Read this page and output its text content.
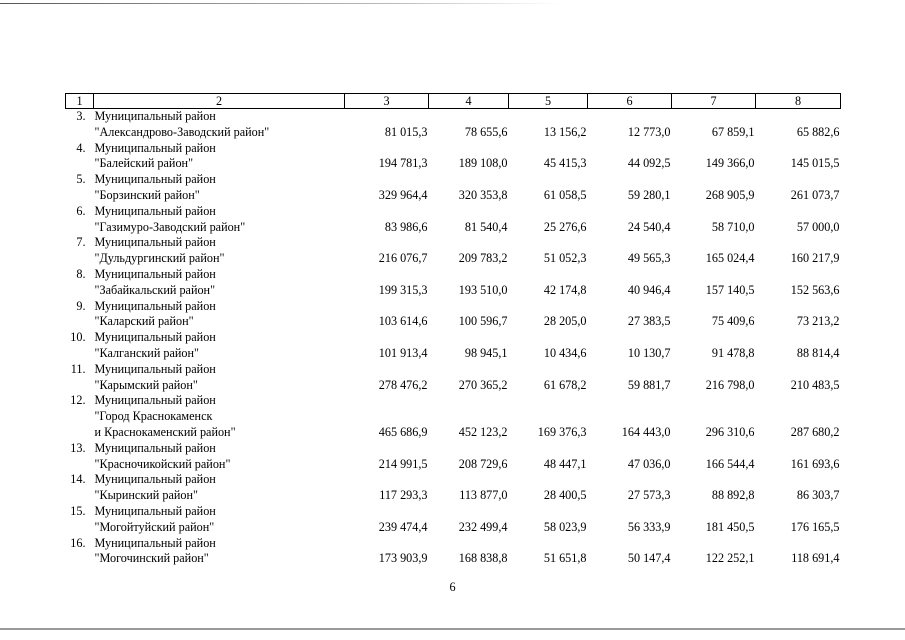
1	2	3	4	5	6	7	8
3.	Муниципальный район
"Александрово-Заводский район"	81 015,3	78 655,6	13 156,2	12 773,0	67 859,1	65 882,6
4.	Муниципальный район
"Балейский район"	194 781,3	189 108,0	45 415,3	44 092,5	149 366,0	145 015,5
5.	Муниципальный район
"Борзинский район"	329 964,4	320 353,8	61 058,5	59 280,1	268 905,9	261 073,7
6.	Муниципальный район
"Газимуро-Заводский район"	83 986,6	81 540,4	25 276,6	24 540,4	58 710,0	57 000,0
7.	Муниципальный район
"Дульдургинский район"	216 076,7	209 783,2	51 052,3	49 565,3	165 024,4	160 217,9
8.	Муниципальный район
"Забайкальский район"	199 315,3	193 510,0	42 174,8	40 946,4	157 140,5	152 563,6
9.	Муниципальный район
"Каларский район"	103 614,6	100 596,7	28 205,0	27 383,5	75 409,6	73 213,2
10.	Муниципальный район
"Калганский район"	101 913,4	98 945,1	10 434,6	10 130,7	91 478,8	88 814,4
11.	Муниципальный район
"Карымский район"	278 476,2	270 365,2	61 678,2	59 881,7	216 798,0	210 483,5
12.	Муниципальный район
"Город Краснокаменск
и Краснокаменский район"	465 686,9	452 123,2	169 376,3	164 443,0	296 310,6	287 680,2
13.	Муниципальный район
"Красночикойский район"	214 991,5	208 729,6	48 447,1	47 036,0	166 544,4	161 693,6
14.	Муниципальный район
"Кыринский район"	117 293,3	113 877,0	28 400,5	27 573,3	88 892,8	86 303,7
15.	Муниципальный район
"Могойтуйский район"	239 474,4	232 499,4	58 023,9	56 333,9	181 450,5	176 165,5
16.	Муниципальный район
"Могочинский район"	173 903,9	168 838,8	51 651,8	50 147,4	122 252,1	118 691,4
6
